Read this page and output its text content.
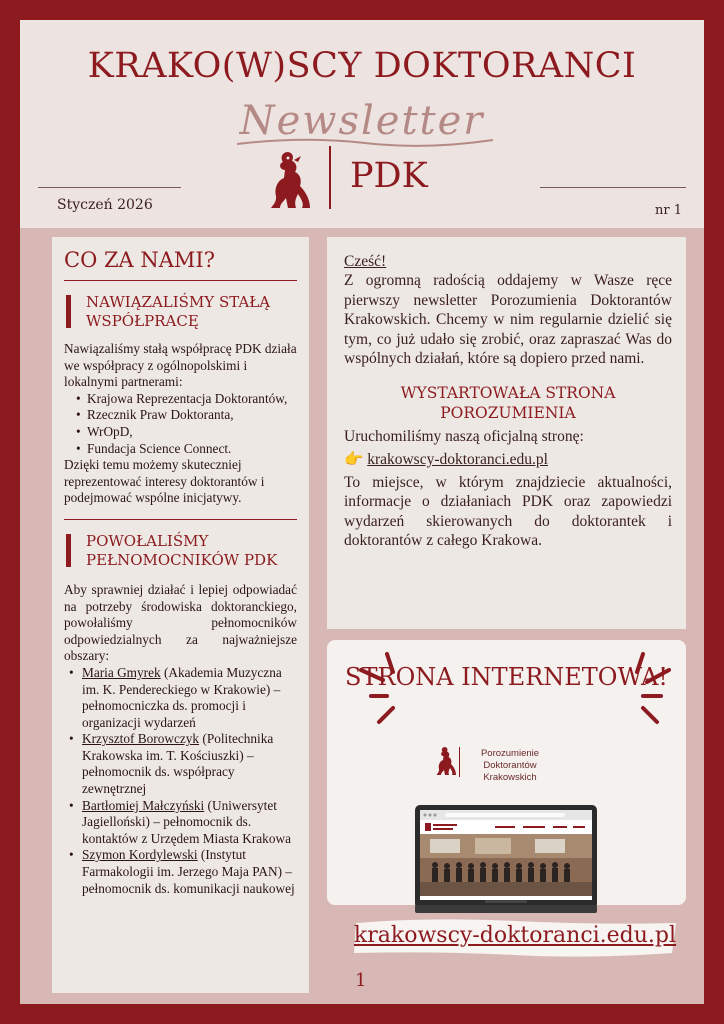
KRAKO(W)SCY DOKTORANCI
Newsletter
PDK
Styczeń 2026	nr 1
CO ZA NAMI?
NAWIĄZALIŚMY STAŁĄ WSPÓŁPRACĘ

Nawiązaliśmy stałą współpracę PDK działa we współpracy z ogólnopolskimi i lokalnymi partnerami:

• Krajowa Reprezentacja Doktorantów,
• Rzecznik Praw Doktoranta,
• WrOpD,
• Fundacja Science Connect.

Dzięki temu możemy skuteczniej reprezentować interesy doktorantów i podejmować wspólne inicjatywy.

POWOŁALIŚMY PEŁNOMOCNIKÓW PDK

Aby sprawniej działać i lepiej odpowiadać na potrzeby środowiska doktoranckiego, powołaliśmy pełnomocników odpowiedzialnych za najważniejsze obszary:

• Maria Gmyrek (Akademia Muzyczna im. K. Pendereckiego w Krakowie) – pełnomocniczka ds. promocji i organizacji wydarzeń
• Krzysztof Borowczyk (Politechnika Krakowska im. T. Kościuszki) – pełnomocnik ds. współpracy zewnętrznej
• Bartłomiej Małczyński (Uniwersytet Jagielloński) – pełnomocnik ds. kontaktów z Urzędem Miasta Krakowa
• Szymon Kordylewski (Instytut Farmakologii im. Jerzego Maja PAN) – pełnomocnik ds. komunikacji naukowej

Cześć!

Z ogromną radością oddajemy w Wasze ręce pierwszy newsletter Porozumienia Doktorantów Krakowskich. Chcemy w nim regularnie dzielić się tym, co już udało się zrobić, oraz zapraszać Was do wspólnych działań, które są dopiero przed nami.

WYSTARTOWAŁA STRONA POROZUMIENIA

Uruchomiliśmy naszą oficjalną stronę:

👉 krakowscy-doktoranci.edu.pl

To miejsce, w którym znajdziecie aktualności, informacje o działaniach PDK oraz zapowiedzi wydarzeń skierowanych do doktorantek i doktorantów z całego Krakowa.

STRONA INTERNETOWA!
Porozumienie Doktorantów Krakowskich
krakowscy-doktoranci.edu.pl
1
